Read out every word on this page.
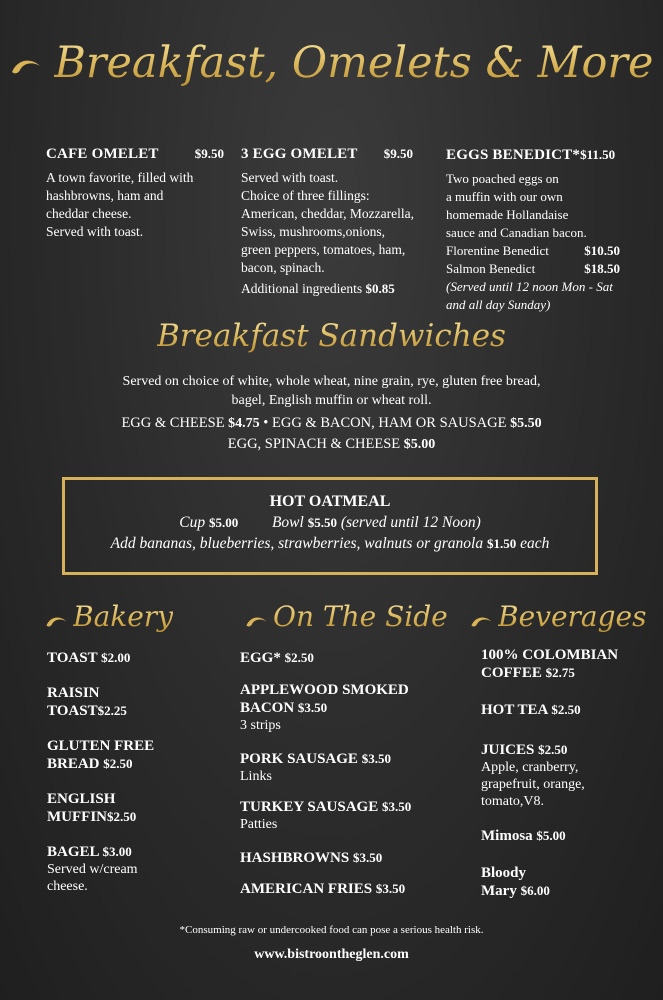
Breakfast, Omelets & More
CAFE OMELET	$9.50
A town favorite, filled with
hashbrowns, ham and
cheddar cheese.
Served with toast.
3 EGG OMELET $9.50
Served with toast.
Choice of three fillings:
American, cheddar, Mozzarella,
Swiss, mushrooms,onions,
green peppers, tomatoes, ham,
bacon, spinach.
Additional ingredients $0.85
EGGS BENEDICT*$11.50
Two poached eggs on
a muffin with our own
homemade Hollandaise
sauce and Canadian bacon.
Florentine Benedict	$10.50
Salmon Benedict	$18.50
(Served until 12 noon Mon - Sat
and all day Sunday)
Breakfast Sandwiches
Served on choice of white, whole wheat, nine grain, rye, gluten free bread,
bagel, English muffin or wheat roll.
EGG & CHEESE $4.75 • EGG & BACON, HAM OR SAUSAGE $5.50
EGG, SPINACH & CHEESE $5.00
HOT OATMEAL
Cup $5.00 Bowl $5.50 (served until 12 Noon)
Add bananas, blueberries, strawberries, walnuts or granola $1.50 each
Bakery	On The Side	Beverages
TOAST $2.00
RAISIN
TOAST$2.25
GLUTEN FREE
BREAD $2.50
ENGLISH
MUFFIN$2.50
BAGEL $3.00
Served w/cream
cheese.
EGG* $2.50
APPLEWOOD SMOKED
BACON $3.50
3 strips
PORK SAUSAGE $3.50
Links
TURKEY SAUSAGE $3.50
Patties
HASHBROWNS $3.50
AMERICAN FRIES $3.50
100% COLOMBIAN
COFFEE $2.75
HOT TEA $2.50
JUICES $2.50
Apple, cranberry,
grapefruit, orange,
tomato,V8.
Mimosa $5.00
Bloody
Mary $6.00
*Consuming raw or undercooked food can pose a serious health risk.
www.bistroontheglen.com
